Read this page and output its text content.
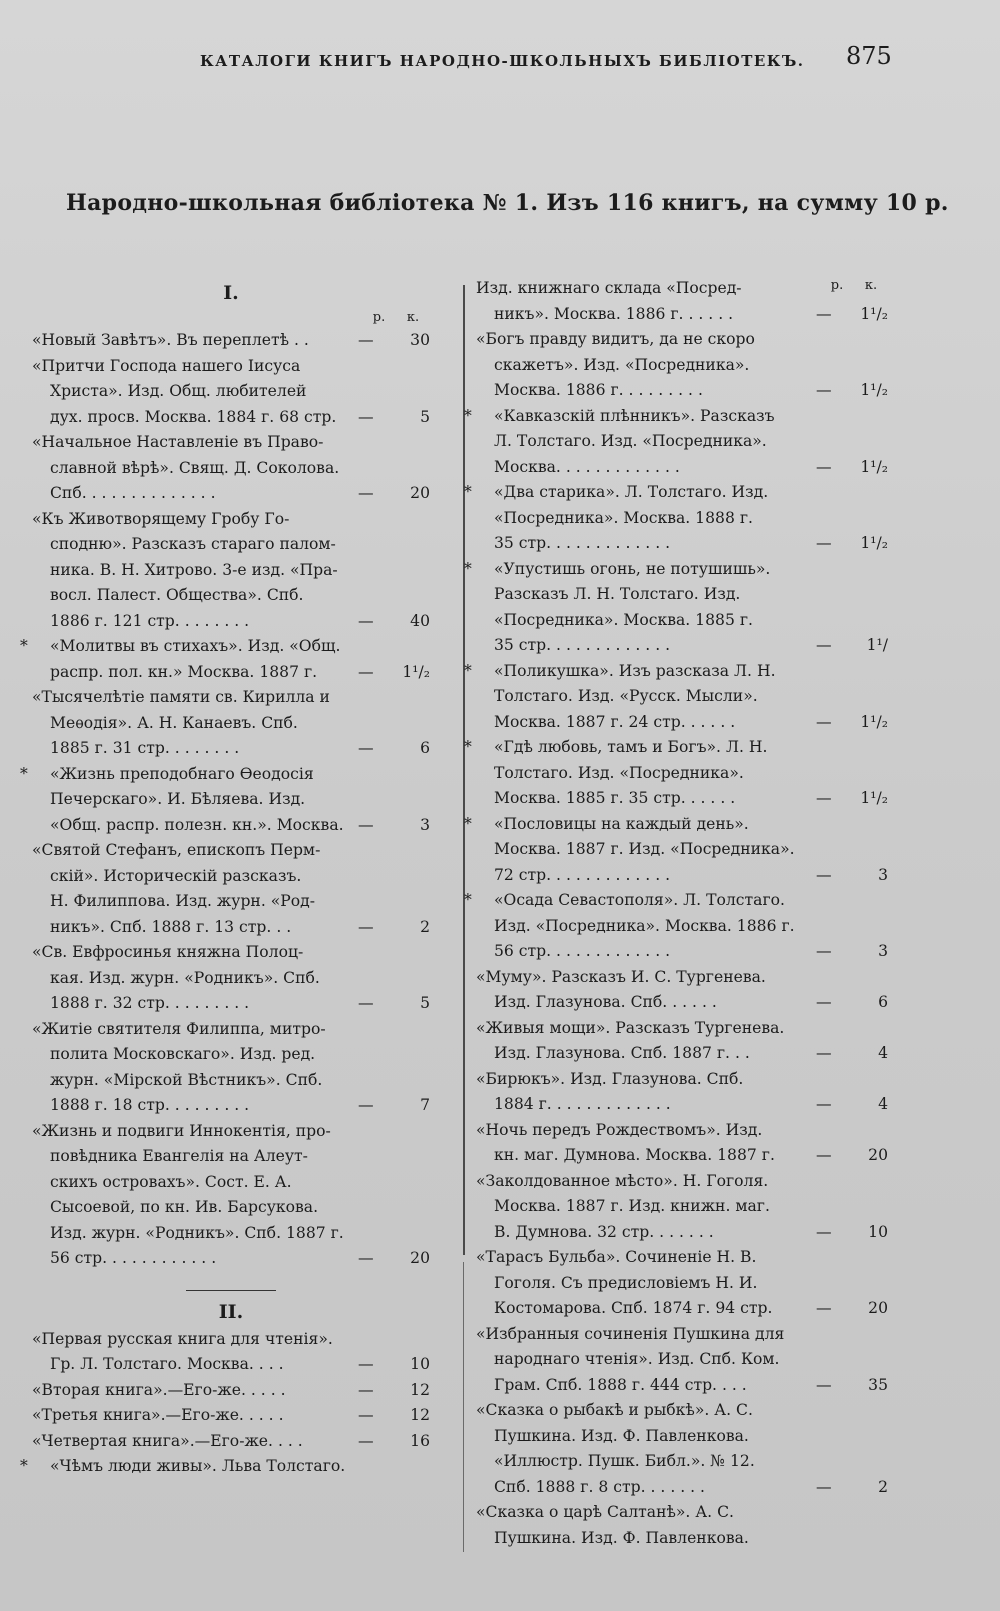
КАТАЛОГИ КНИГЪ НАРОДНО-ШКОЛЬНЫХЪ БИБЛIОТЕКЪ. 875
Народно-школьная библiотека № 1. Изъ 116 книгъ, на сумму 10 р.
I.
р.	к.
«Новый Завѣтъ». Въ переплетѣ . .	— 30
«Притчи Господа нашего Iисуса
Христа». Изд. Общ. любителей
дух. просв. Москва. 1884 г. 68 стр.	—	5
«Начальное Наставленiе въ Право-
славной вѣрѣ». Свящ. Д. Соколова.
Спб. . . . . . . . . . . . . .	— 20
«Къ Животворящему Гробу Го-
сподню». Разсказъ стараго палом-
ника. В. Н. Хитрово. 3-е изд. «Пра-
восл. Палест. Общества». Спб.
1886 г. 121 стр. . . . . . . .	— 40
*	«Молитвы въ стихахъ». Изд. «Общ.
распр. пол. кн.» Москва. 1887 г.	— 1¹/₂
«Тысячелѣтiе памяти св. Кирилла и
Меѳодiя». А. Н. Канаевъ. Спб.
1885 г. 31 стр. . . . . . . .	—	6
*	«Жизнь преподобнаго Ѳеодосiя
Печерскаго». И. Бѣляева. Изд.
«Общ. распр. полезн. кн.». Москва. —	3
«Святой Стефанъ, епископъ Перм-
скiй». Историческiй разсказъ.
Н. Филиппова. Изд. журн. «Род-
никъ». Спб. 1888 г. 13 стр. . .	—	2
«Св. Евфросинья княжна Полоц-
кая. Изд. журн. «Родникъ». Спб.
1888 г. 32 стр. . . . . . . . .	—	5
«Житiе святителя Филиппа, митро-
полита Московскаго». Изд. ред.
журн. «Мiрской Вѣстникъ». Спб.
1888 г. 18 стр. . . . . . . . .	—	7
«Жизнь и подвиги Иннокентiя, про-
повѣдника Евангелiя на Алеут-
скихъ островахъ». Сост. Е. А.
Сысоевой, по кн. Ив. Барсукова.
Изд. журн. «Родникъ». Спб. 1887 г.
56 стр. . . . . . . . . . . .	— 20
II.
«Первая русская книга для чтенiя».
Гр. Л. Толстаго. Москва. . . .	— 10
«Вторая книга».—Его-же. . . . .	— 12
«Третья книга».—Его-же. . . . .	— 12
«Четвертая книга».—Его-же. . . .	— 16
*	«Чѣмъ люди живы». Льва Толстаго.
р.	к.
Изд. книжнаго склада «Посред-
никъ». Москва. 1886 г. . . . . .	— 1¹/₂
«Богъ правду видитъ, да не скоро
скажетъ». Изд. «Посредника».
Москва. 1886 г. . . . . . . . .	— 1¹/₂
*	«Кавказскiй плѣнникъ». Разсказъ
Л. Толстаго. Изд. «Посредника».
Москва. . . . . . . . . . . . .	— 1¹/₂
*	«Два старика». Л. Толстаго. Изд.
«Посредника». Москва. 1888 г.
35 стр. . . . . . . . . . . . .	— 1¹/₂
*	«Упустишь огонь, не потушишь».
Разсказъ Л. Н. Толстаго. Изд.
«Посредника». Москва. 1885 г.
35 стр. . . . . . . . . . . . .	— 1¹/
*	«Поликушка». Изъ разсказа Л. Н.
Толстаго. Изд. «Русск. Мысли».
Москва. 1887 г. 24 стр. . . . . .	— 1¹/₂
*	«Гдѣ любовь, тамъ и Богъ». Л. Н.
Толстаго. Изд. «Посредника».
Москва. 1885 г. 35 стр. . . . . .	— 1¹/₂
*	«Пословицы на каждый день».
Москва. 1887 г. Изд. «Посредника».
72 стр. . . . . . . . . . . . .	—	3
*	«Осада Севастополя». Л. Толстаго.
Изд. «Посредника». Москва. 1886 г.
56 стр. . . . . . . . . . . . .	—	3
«Муму». Разсказъ И. С. Тургенева.
Изд. Глазунова. Спб. . . . . .	—	6
«Живыя мощи». Разсказъ Тургенева.
Изд. Глазунова. Спб. 1887 г. . .	—	4
«Бирюкъ». Изд. Глазунова. Спб.
1884 г. . . . . . . . . . . . .	—	4
«Ночь передъ Рождествомъ». Изд.
кн. маг. Думнова. Москва. 1887 г.	— 20
«Заколдованное мѣсто». Н. Гоголя.
Москва. 1887 г. Изд. книжн. маг.
В. Думнова. 32 стр. . . . . . .	— 10
«Тарасъ Бульба». Сочиненiе Н. В.
Гоголя. Съ предисловiемъ Н. И.
Костомарова. Спб. 1874 г. 94 стр.	— 20
«Избранныя сочиненiя Пушкина для
народнаго чтенiя». Изд. Спб. Ком.
Грам. Спб. 1888 г. 444 стр. . . .	— 35
«Сказка о рыбакѣ и рыбкѣ». А. С.
Пушкина. Изд. Ф. Павленкова.
«Иллюстр. Пушк. Библ.». № 12.
Спб. 1888 г. 8 стр. . . . . . .	—	2
«Сказка о царѣ Салтанѣ». А. С.
Пушкина. Изд. Ф. Павленкова.
